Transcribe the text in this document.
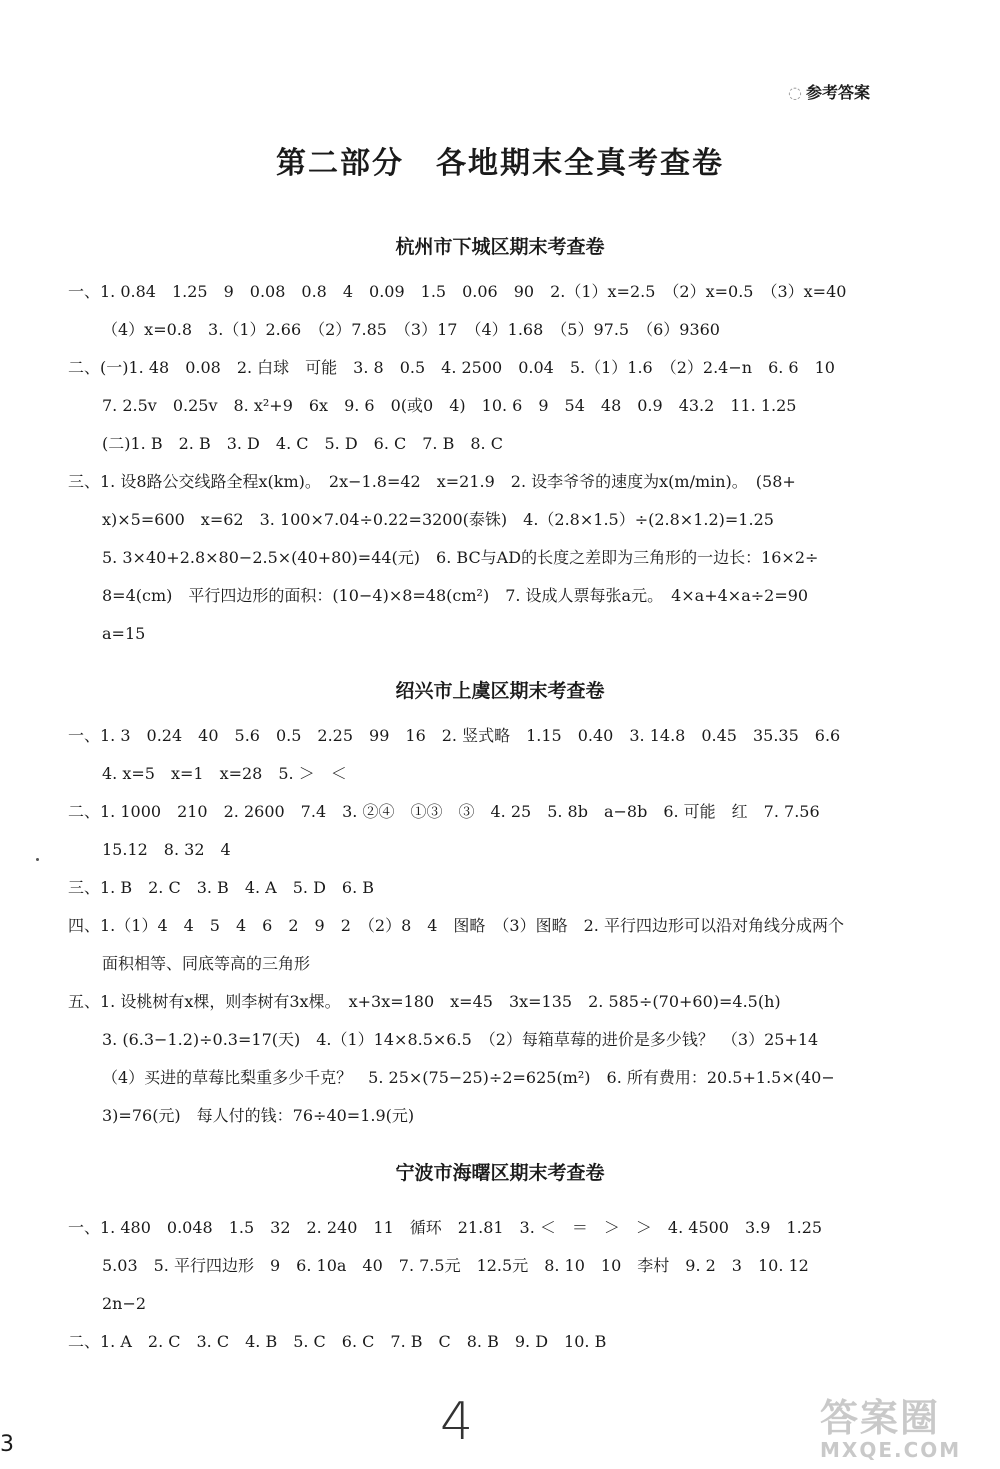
◌ 参考答案
第二部分　各地期末全真考查卷
杭州市下城区期末考查卷
一、1. 0.84　1.25　9　0.08　0.8　4　0.09　1.5　0.06　90　2.（1）x=2.5　（2）x=0.5　（3）x=40
（4）x=0.8　3.（1）2.66　（2）7.85　（3）17　（4）1.68　（5）97.5　（6）9360
二、(一)1. 48　0.08　2. 白球　可能　3. 8　0.5　4. 2500　0.04　5.（1）1.6　（2）2.4−n　6. 6　10
7. 2.5v　0.25v　8. x²+9　6x　9. 6　0(或0　4)　10. 6　9　54　48　0.9　43.2　11. 1.25
(二)1. B　2. B　3. D　4. C　5. D　6. C　7. B　8. C
三、1. 设8路公交线路全程x(km)。　2x−1.8=42　x=21.9　2. 设李爷爷的速度为x(m/min)。　(58+
x)×5=600　x=62　3. 100×7.04÷0.22=3200(泰铢)　4.（2.8×1.5）÷(2.8×1.2)=1.25
5. 3×40+2.8×80−2.5×(40+80)=44(元)　6. BC与AD的长度之差即为三角形的一边长：16×2÷
8=4(cm)　平行四边形的面积：(10−4)×8=48(cm²)　7. 设成人票每张a元。　4×a+4×a÷2=90
a=15
绍兴市上虞区期末考查卷
一、1. 3　0.24　40　5.6　0.5　2.25　99　16　2. 竖式略　1.15　0.40　3. 14.8　0.45　35.35　6.6
4. x=5　x=1　x=28　5. ＞　＜
二、1. 1000　210　2. 2600　7.4　3. ②④　①③　③　4. 25　5. 8b　a−8b　6. 可能　红　7. 7.56
15.12　8. 32　4
三、1. B　2. C　3. B　4. A　5. D　6. B
四、1.（1）4　4　5　4　6　2　9　2　（2）8　4　图略　（3）图略　2. 平行四边形可以沿对角线分成两个
面积相等、同底等高的三角形
五、1. 设桃树有x棵，则李树有3x棵。　x+3x=180　x=45　3x=135　2. 585÷(70+60)=4.5(h)
3. (6.3−1.2)÷0.3=17(天)　4.（1）14×8.5×6.5　（2）每箱草莓的进价是多少钱？　（3）25+14
（4）买进的草莓比梨重多少千克？　5. 25×(75−25)÷2=625(m²)　6. 所有费用：20.5+1.5×(40−
3)=76(元)　每人付的钱：76÷40=1.9(元)
宁波市海曙区期末考查卷
一、1. 480　0.048　1.5　32　2. 240　11　循环　21.81　3. ＜　＝　＞　＞　4. 4500　3.9　1.25
5.03　5. 平行四边形　9　6. 10a　40　7. 7.5元　12.5元　8. 10　10　李村　9. 2　3　10. 12
2n−2
二、1. A　2. C　3. C　4. B　5. C　6. C　7. B　C　8. B　9. D　10. B
4
3
答案圈
MXQE.COM
